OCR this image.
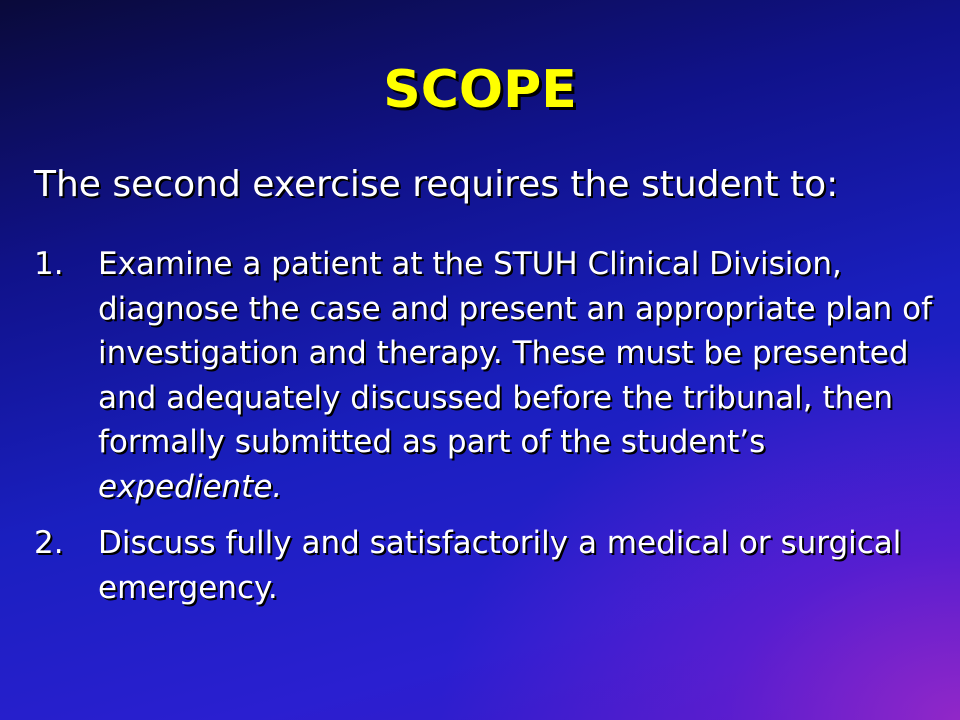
SCOPE
The second exercise requires the student to:
1.	Examine a patient at the STUH Clinical Division, diagnose the case and present an appropriate plan of investigation and therapy. These must be presented and adequately discussed before the tribunal, then formally submitted as part of the student’s expediente.
2.	Discuss fully and satisfactorily a medical or surgical emergency.
